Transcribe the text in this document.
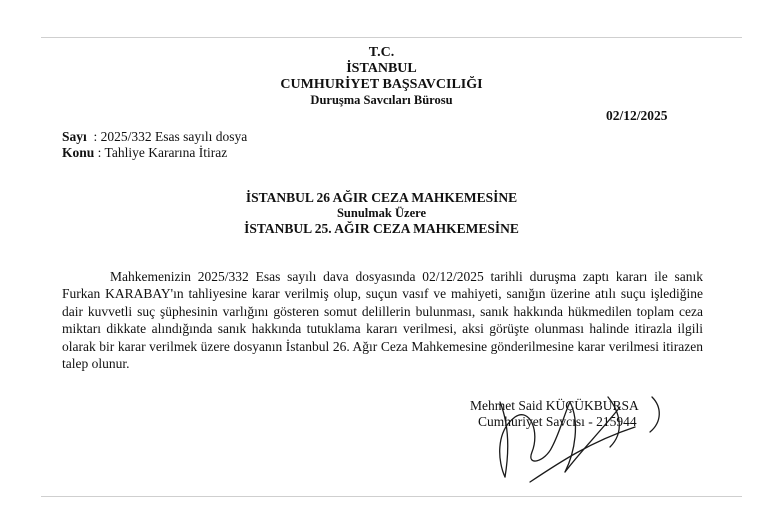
T.C.
İSTANBUL
CUMHURİYET BAŞSAVCILIĞI
Duruşma Savcıları Bürosu
02/12/2025
Sayı : 2025/332 Esas sayılı dosya
Konu : Tahliye Kararına İtiraz
İSTANBUL 26 AĞIR CEZA MAHKEMESİNE
Sunulmak Üzere
İSTANBUL 25. AĞIR CEZA MAHKEMESİNE
Mahkemenizin 2025/332 Esas sayılı dava dosyasında 02/12/2025 tarihli duruşma zaptı kararı ile sanık Furkan KARABAY'ın tahliyesine karar verilmiş olup, suçun vasıf ve mahiyeti, sanığın üzerine atılı suçu işlediğine dair kuvvetli suç şüphesinin varlığını gösteren somut delillerin bulunması, sanık hakkında hükmedilen toplam ceza miktarı dikkate alındığında sanık hakkında tutuklama kararı verilmesi, aksi görüşte olunması halinde itirazla ilgili olarak bir karar verilmek üzere dosyanın İstanbul 26. Ağır Ceza Mahkemesine gönderilmesine karar verilmesi itirazen talep olunur.
Mehmet Said KÜÇÜKBURSA
Cumhuriyet Savcısı - 215944
